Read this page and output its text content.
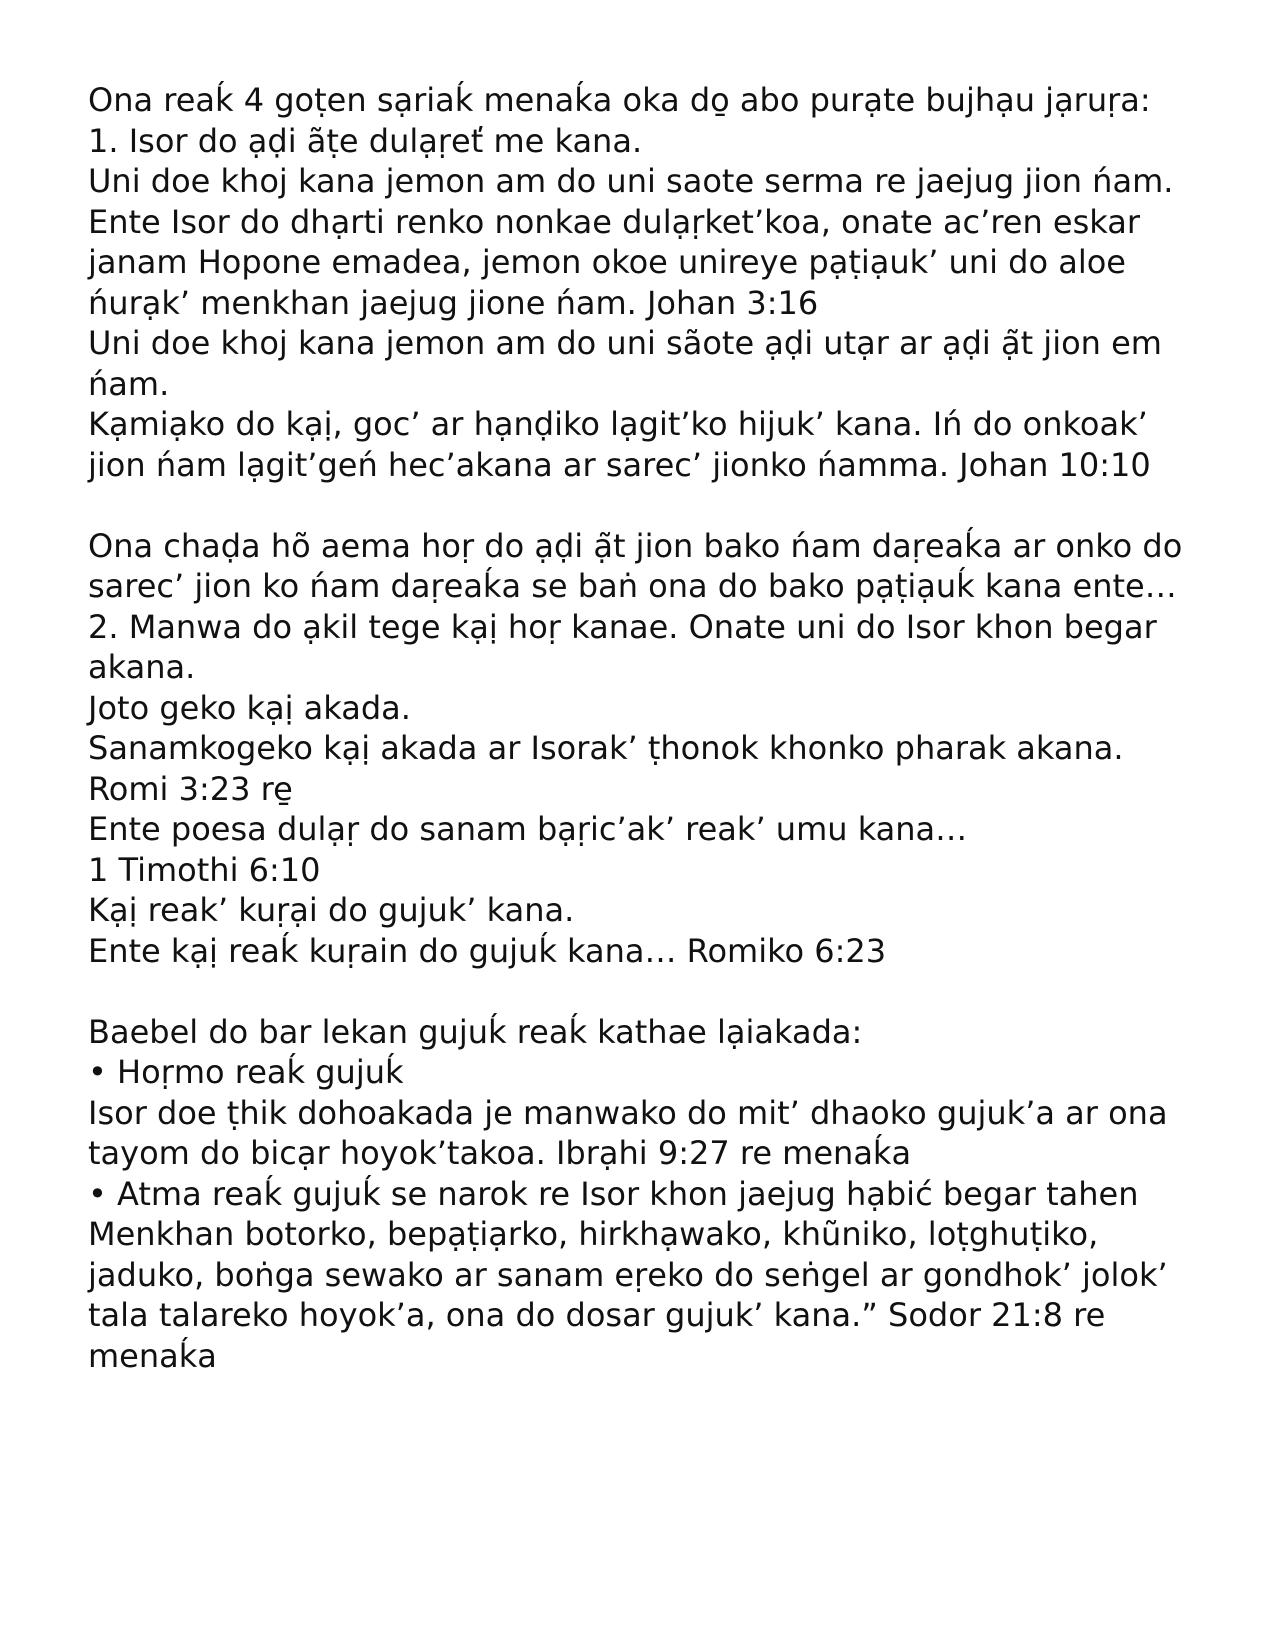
Ona reaḱ 4 goṭen sạriaḱ menaḱa oka do̱ abo purạte bujhạu jạruṛa:
1. Isor do ạḍi ãṭe dulạṛeť me kana.
Uni doe khoj kana jemon am do uni saote serma re jaejug jion ńam.
Ente Isor do dhạrti renko nonkae dulạṛket’koa, onate ac’ren eskar janam Hopone emadea, jemon okoe unireye pạṭiạuk’ uni do aloe ńurạk’ menkhan jaejug jione ńam. Johan 3:16
Uni doe khoj kana jemon am do uni sãote ạḍi utạr ar ạḍi ạ̃t jion em ńam.
Kạmiạko do kạị, goc’ ar hạnḍiko lạgit’ko hijuk’ kana. Iń do onkoak’ jion ńam lạgit’geń hec’akana ar sarec’ jionko ńamma. Johan 10:10
Ona chaḍa hõ aema hoṛ do ạḍi ạ̃t jion bako ńam daṛeaḱa ar onko do sarec’ jion ko ńam daṛeaḱa se baṅ ona do bako pạṭiạuḱ kana ente…
2. Manwa do ạkil tege kạị hoṛ kanae. Onate uni do Isor khon begar akana.
Joto geko kạị akada.
Sanamkogeko kạị akada ar Isorak’ ṭhonok khonko pharak akana. Romi 3:23 re̱
Ente poesa dulạṛ do sanam bạṛic’ak’ reak’ umu kana…
1 Timothi 6:10
Kạị reak’ kuṛại do gujuk’ kana.
Ente kạị reaḱ kuṛain do gujuḱ kana… Romiko 6:23
Baebel do bar lekan gujuḱ reaḱ kathae lạiakada:
• Hoṛmo reaḱ gujuḱ
Isor doe ṭhik dohoakada je manwako do mit’ dhaoko gujuk’a ar ona tayom do bicạr hoyok’takoa. Ibrạhi 9:27 re menaḱa
• Atma reaḱ gujuḱ se narok re Isor khon jaejug hạbić begar tahen Menkhan botorko, bepạṭiạrko, hirkhạwako, khũniko, loṭghuṭiko, jaduko, boṅga sewako ar sanam eṛeko do seṅgel ar gondhok’ jolok’ tala talareko hoyok’a, ona do dosar gujuk’ kana.” Sodor 21:8 re menaḱa
